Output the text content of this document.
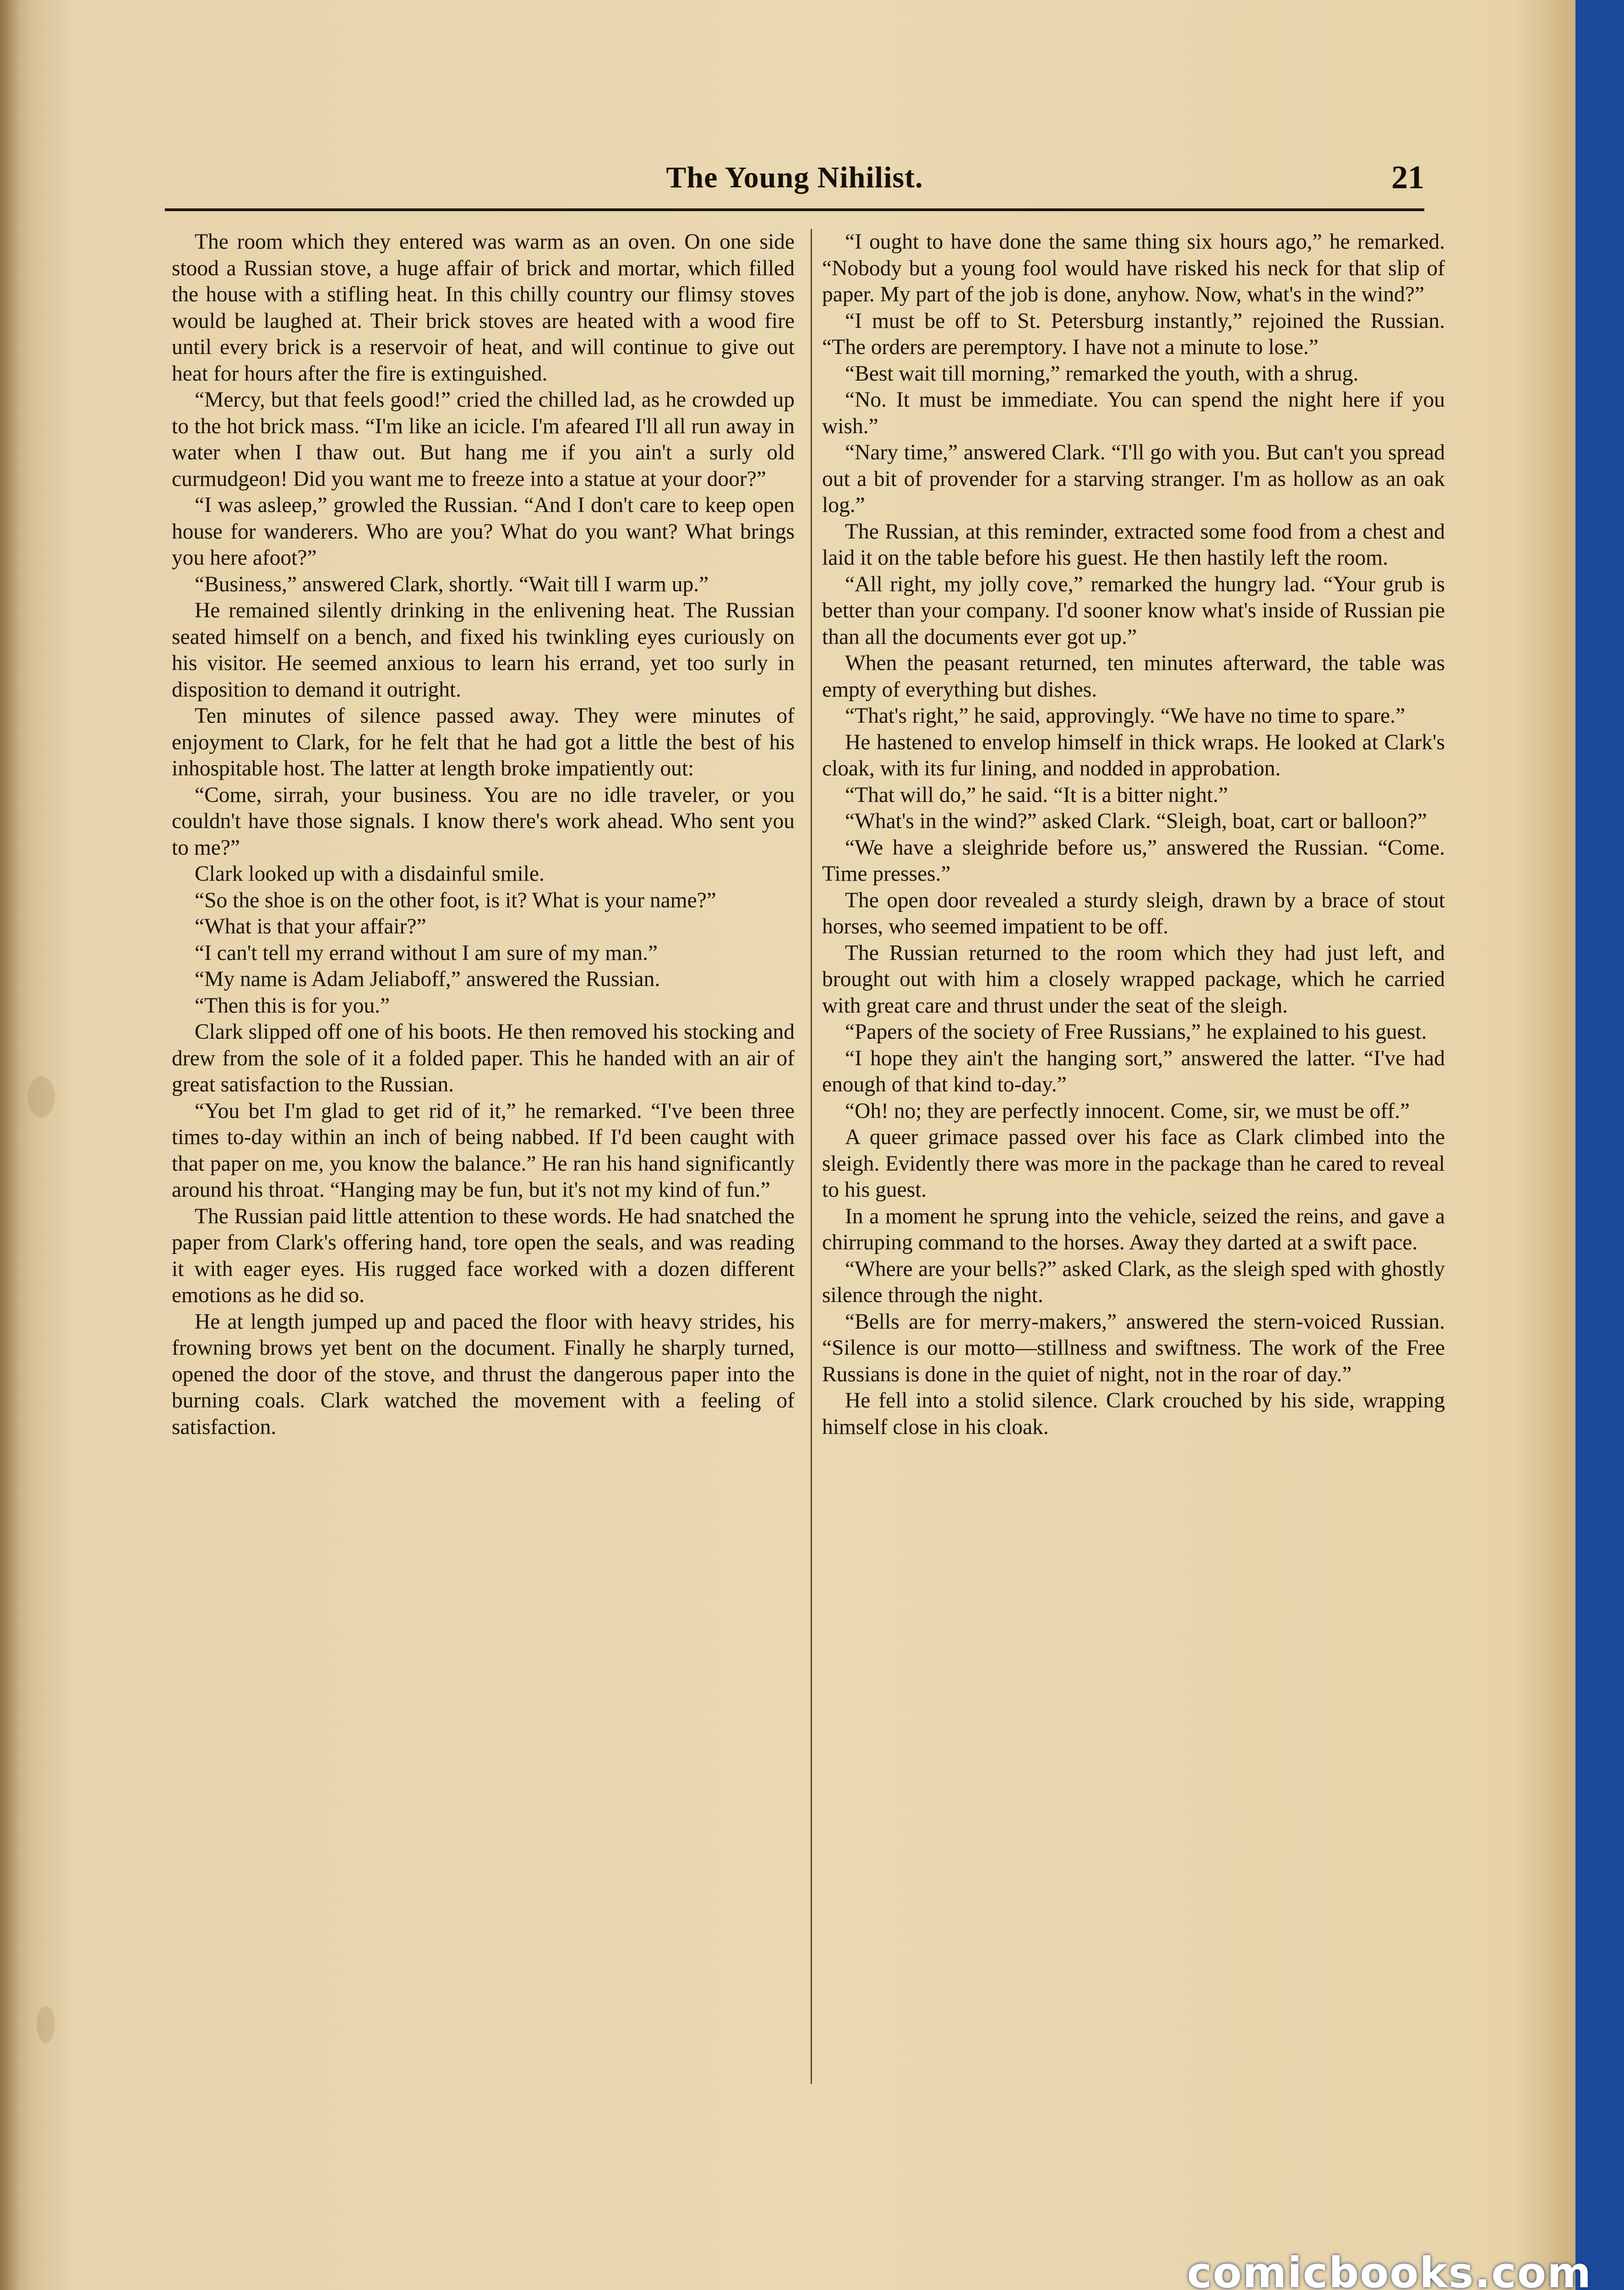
The Young Nihilist.	21

The room which they entered was warm as an oven. On one side stood a Russian stove, a huge affair of brick and mortar, which filled the house with a stifling heat. In this chilly country our flimsy stoves would be laughed at. Their brick stoves are heated with a wood fire until every brick is a reservoir of heat, and will continue to give out heat for hours after the fire is extinguished.

“Mercy, but that feels good!” cried the chilled lad, as he crowded up to the hot brick mass. “I'm like an icicle. I'm afeared I'll all run away in water when I thaw out. But hang me if you ain't a surly old curmudgeon! Did you want me to freeze into a statue at your door?”

“I was asleep,” growled the Russian. “And I don't care to keep open house for wanderers. Who are you? What do you want? What brings you here afoot?”

“Business,” answered Clark, shortly. “Wait till I warm up.”

He remained silently drinking in the enlivening heat. The Russian seated himself on a bench, and fixed his twinkling eyes curiously on his visitor. He seemed anxious to learn his errand, yet too surly in disposition to demand it outright.

Ten minutes of silence passed away. They were minutes of enjoyment to Clark, for he felt that he had got a little the best of his inhospitable host. The latter at length broke impatiently out:

“Come, sirrah, your business. You are no idle traveler, or you couldn't have those signals. I know there's work ahead. Who sent you to me?”

Clark looked up with a disdainful smile.

“So the shoe is on the other foot, is it? What is your name?”

“What is that your affair?”

“I can't tell my errand without I am sure of my man.”

“My name is Adam Jeliaboff,” answered the Russian.

“Then this is for you.”

Clark slipped off one of his boots. He then removed his stocking and drew from the sole of it a folded paper. This he handed with an air of great satisfaction to the Russian.

“You bet I'm glad to get rid of it,” he remarked. “I've been three times to-day within an inch of being nabbed. If I'd been caught with that paper on me, you know the balance.” He ran his hand significantly around his throat. “Hanging may be fun, but it's not my kind of fun.”

The Russian paid little attention to these words. He had snatched the paper from Clark's offering hand, tore open the seals, and was reading it with eager eyes. His rugged face worked with a dozen different emotions as he did so.

He at length jumped up and paced the floor with heavy strides, his frowning brows yet bent on the document. Finally he sharply turned, opened the door of the stove, and thrust the dangerous paper into the burning coals. Clark watched the movement with a feeling of satisfaction.

“I ought to have done the same thing six hours ago,” he remarked. “Nobody but a young fool would have risked his neck for that slip of paper. My part of the job is done, anyhow. Now, what's in the wind?”

“I must be off to St. Petersburg instantly,” rejoined the Russian. “The orders are peremptory. I have not a minute to lose.”

“Best wait till morning,” remarked the youth, with a shrug.

“No. It must be immediate. You can spend the night here if you wish.”

“Nary time,” answered Clark. “I'll go with you. But can't you spread out a bit of provender for a starving stranger. I'm as hollow as an oak log.”

The Russian, at this reminder, extracted some food from a chest and laid it on the table before his guest. He then hastily left the room.

“All right, my jolly cove,” remarked the hungry lad. “Your grub is better than your company. I'd sooner know what's inside of Russian pie than all the documents ever got up.”

When the peasant returned, ten minutes afterward, the table was empty of everything but dishes.

“That's right,” he said, approvingly. “We have no time to spare.”

He hastened to envelop himself in thick wraps. He looked at Clark's cloak, with its fur lining, and nodded in approbation.

“That will do,” he said. “It is a bitter night.”

“What's in the wind?” asked Clark. “Sleigh, boat, cart or balloon?”

“We have a sleighride before us,” answered the Russian. “Come. Time presses.”

The open door revealed a sturdy sleigh, drawn by a brace of stout horses, who seemed impatient to be off.

The Russian returned to the room which they had just left, and brought out with him a closely wrapped package, which he carried with great care and thrust under the seat of the sleigh.

“Papers of the society of Free Russians,” he explained to his guest.

“I hope they ain't the hanging sort,” answered the latter. “I've had enough of that kind to-day.”

“Oh! no; they are perfectly innocent. Come, sir, we must be off.”

A queer grimace passed over his face as Clark climbed into the sleigh. Evidently there was more in the package than he cared to reveal to his guest.

In a moment he sprung into the vehicle, seized the reins, and gave a chirruping command to the horses. Away they darted at a swift pace.

“Where are your bells?” asked Clark, as the sleigh sped with ghostly silence through the night.

“Bells are for merry-makers,” answered the stern-voiced Russian. “Silence is our motto—stillness and swiftness. The work of the Free Russians is done in the quiet of night, not in the roar of day.”

He fell into a stolid silence. Clark crouched by his side, wrapping himself close in his cloak.

comicbooks.com
